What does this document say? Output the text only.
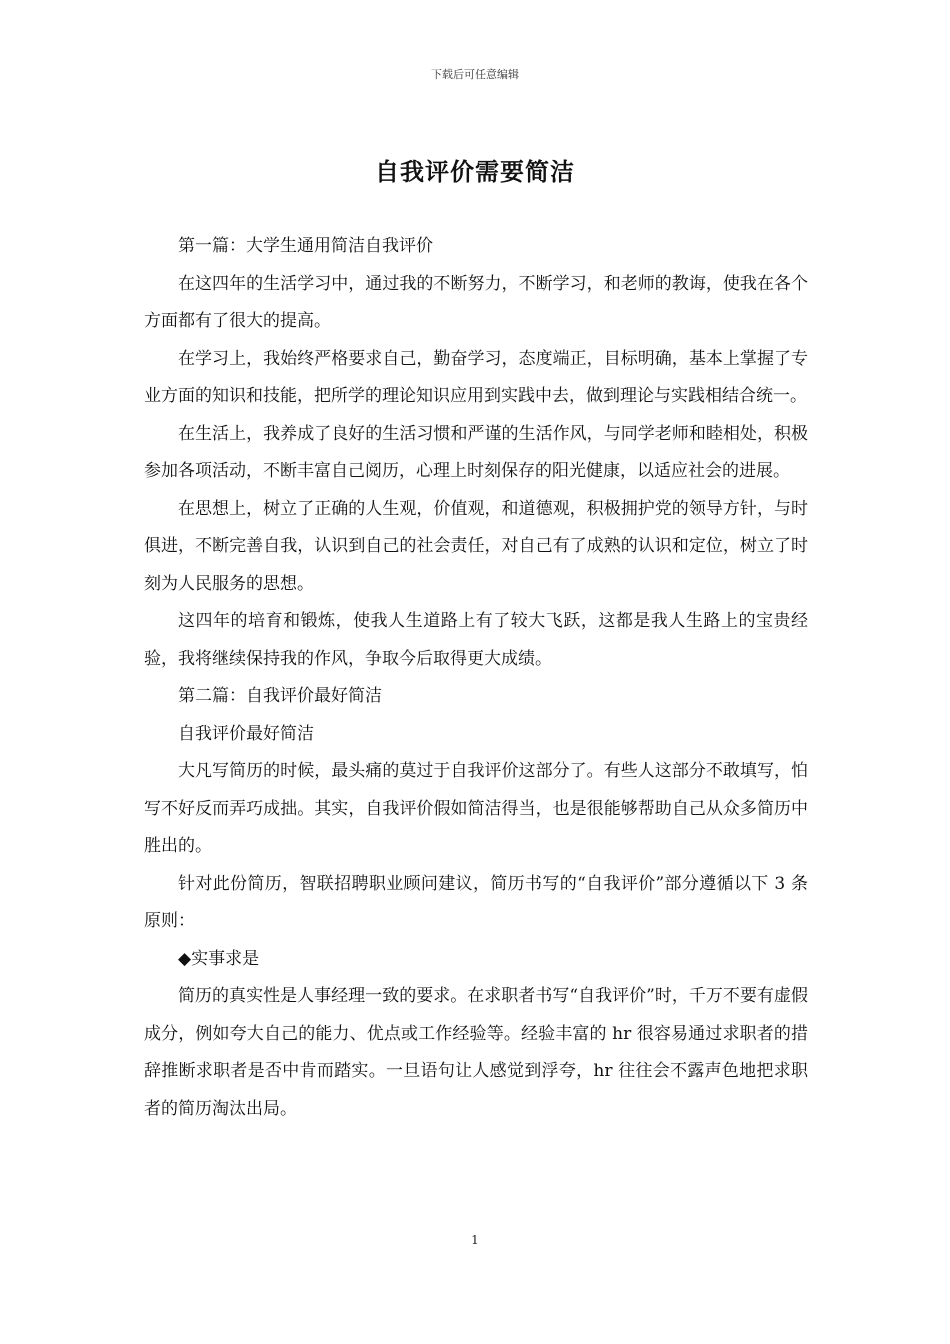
下载后可任意编辑
自我评价需要简洁

第一篇：大学生通用简洁自我评价

在这四年的生活学习中，通过我的不断努力，不断学习，和老师的教诲，使我在各个方面都有了很大的提高。

在学习上，我始终严格要求自己，勤奋学习，态度端正，目标明确，基本上掌握了专业方面的知识和技能，把所学的理论知识应用到实践中去，做到理论与实践相结合统一。

在生活上，我养成了良好的生活习惯和严谨的生活作风，与同学老师和睦相处，积极参加各项活动，不断丰富自己阅历，心理上时刻保存的阳光健康，以适应社会的进展。

在思想上，树立了正确的人生观，价值观，和道德观，积极拥护党的领导方针，与时俱进，不断完善自我，认识到自己的社会责任，对自己有了成熟的认识和定位，树立了时刻为人民服务的思想。

这四年的培育和锻炼，使我人生道路上有了较大飞跃，这都是我人生路上的宝贵经验，我将继续保持我的作风，争取今后取得更大成绩。

第二篇：自我评价最好简洁

自我评价最好简洁

大凡写简历的时候，最头痛的莫过于自我评价这部分了。有些人这部分不敢填写，怕写不好反而弄巧成拙。其实，自我评价假如简洁得当，也是很能够帮助自己从众多简历中胜出的。

针对此份简历，智联招聘职业顾问建议，简历书写的“自我评价”部分遵循以下 3 条原则：

◆实事求是

简历的真实性是人事经理一致的要求。在求职者书写“自我评价”时，千万不要有虚假成分，例如夸大自己的能力、优点或工作经验等。经验丰富的 hr 很容易通过求职者的措辞推断求职者是否中肯而踏实。一旦语句让人感觉到浮夸，hr 往往会不露声色地把求职者的简历淘汰出局。

1
